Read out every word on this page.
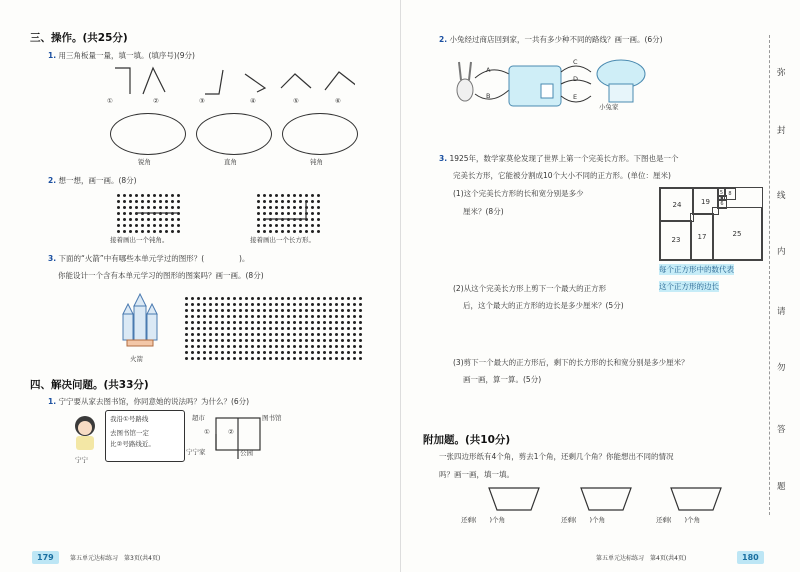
三、操作。(共25分)
1. 用三角板量一量，填一填。(填序号)(9分)
①	②	③	④	⑤	⑥
锐角	直角	钝角
2. 想一想，画一画。(8分)
接着画出一个钝角。	接着画出一个长方形。
3. 下面的“火箭”中有哪些本单元学过的图形？(	)。
你能设计一个含有本单元学习的图形的图案吗？画一画。(8分)
火箭
四、解决问题。(共33分)
1. 宁宁要从家去图书馆，你同意她的说法吗？为什么？(6分)
宁宁
我沿①号路线
去图书馆一定
比②号路线近。
超市	图书馆
宁宁家	公园
①	②
179	第五单元达标练习　第3页(共4页)
2. 小兔经过商店回到家，一共有多少种不同的路线？画一画。(6分)
A
B
C
D
E
小兔家
3. 1925年，数学家莫伦发现了世界上第一个完美长方形。下图也是一个
完美长方形，它能被分割成10个大小不同的正方形。(单位：厘米)
(1)这个完美长方形的长和宽分别是多少
厘米？(8分)
24	19
5
2 3
8
6
23	17	25
每个正方形中的数代表
这个正方形的边长
(2)从这个完美长方形上剪下一个最大的正方形
后，这个最大的正方形的边长是多少厘米？(5分)
(3)剪下一个最大的正方形后，剩下的长方形的长和宽分别是多少厘米？
画一画，算一算。(5分)
附加题。(共10分)
一张四边形纸有4个角，剪去1个角，还剩几个角？你能想出不同的情况
吗？画一画，填一填。
还剩(　　)个角	还剩(　　)个角	还剩(　　)个角
弥
封
线
内
请
勿
答
题
第五单元达标练习　第4页(共4页)	180
